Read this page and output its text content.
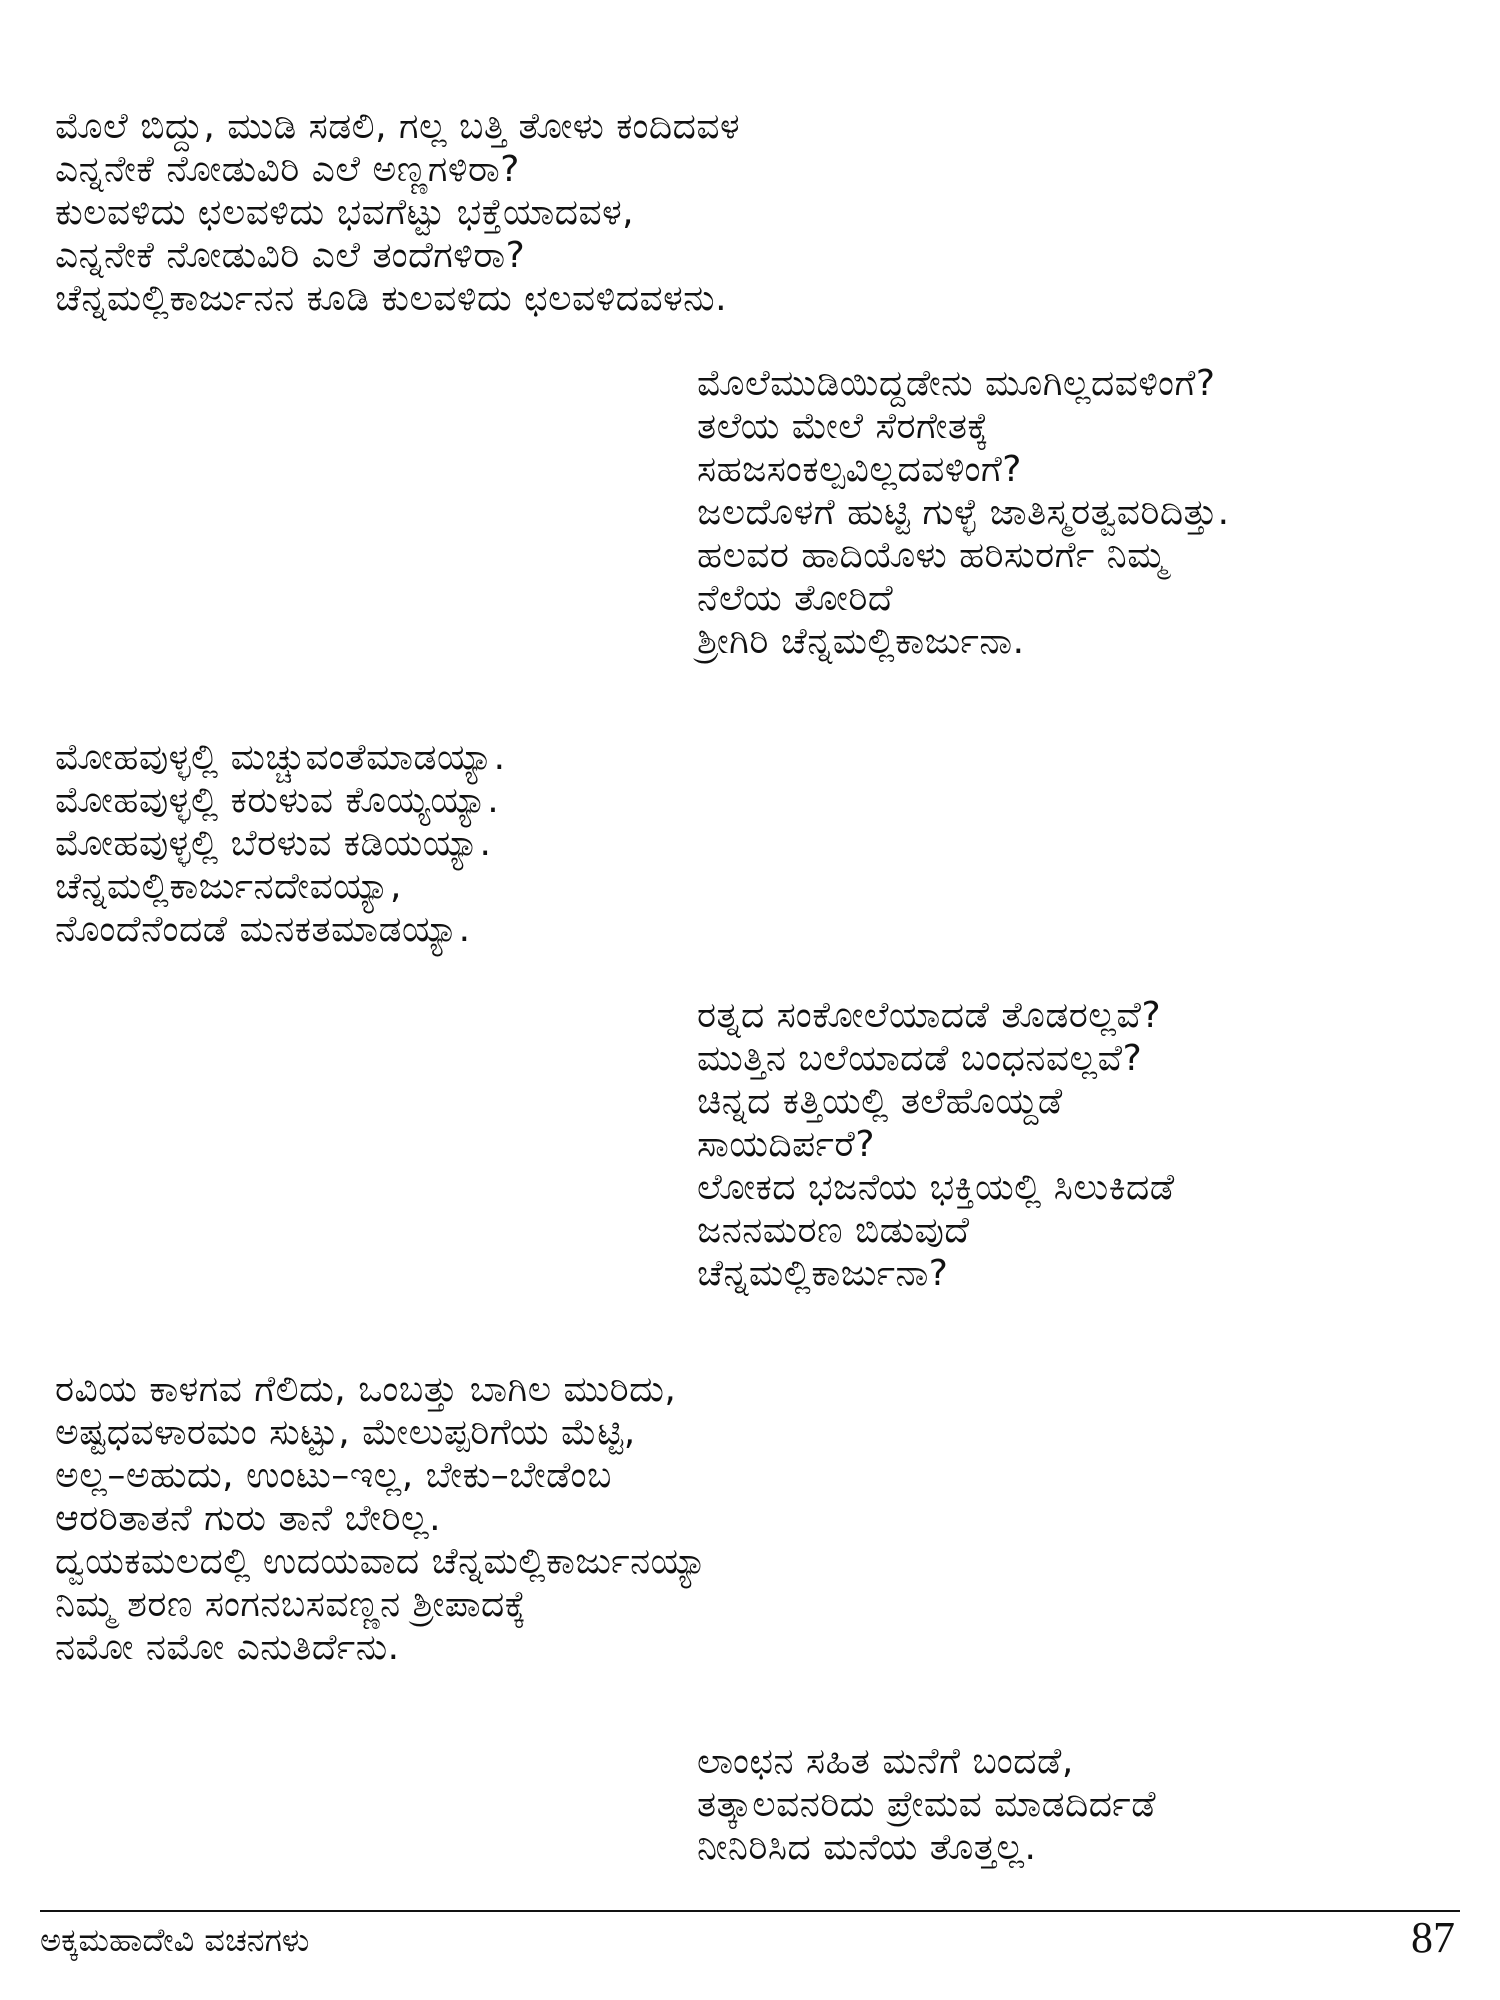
ಮೊಲೆ ಬಿದ್ದು, ಮುಡಿ ಸಡಲಿ, ಗಲ್ಲ ಬತ್ತಿ ತೋಳು ಕಂದಿದವಳ
ಎನ್ನನೇಕೆ ನೋಡುವಿರಿ ಎಲೆ ಅಣ್ಣಗಳಿರಾ?
ಕುಲವಳಿದು ಛಲವಳಿದು ಭವಗೆಟ್ಟು ಭಕ್ತೆಯಾದವಳ,
ಎನ್ನನೇಕೆ ನೋಡುವಿರಿ ಎಲೆ ತಂದೆಗಳಿರಾ?
ಚೆನ್ನಮಲ್ಲಿಕಾರ್ಜುನನ ಕೂಡಿ ಕುಲವಳಿದು ಛಲವಳಿದವಳನು.
ಮೊಲೆಮುಡಿಯಿದ್ದಡೇನು ಮೂಗಿಲ್ಲದವಳಿಂಗೆ?
ತಲೆಯ ಮೇಲೆ ಸೆರಗೇತಕ್ಕೆ
ಸಹಜಸಂಕಲ್ಪವಿಲ್ಲದವಳಿಂಗೆ?
ಜಲದೊಳಗೆ ಹುಟ್ಟಿ ಗುಳ್ಳೆ ಜಾತಿಸ್ಮರತ್ವವರಿದಿತ್ತು.
ಹಲವರ ಹಾದಿಯೊಳು ಹರಿಸುರರ್ಗೆ ನಿಮ್ಮ
ನೆಲೆಯ ತೋರಿದೆ
ಶ್ರೀಗಿರಿ ಚೆನ್ನಮಲ್ಲಿಕಾರ್ಜುನಾ.
ಮೋಹವುಳ್ಳಲ್ಲಿ ಮಚ್ಚುವಂತೆಮಾಡಯ್ಯಾ.
ಮೋಹವುಳ್ಳಲ್ಲಿ ಕರುಳುವ ಕೊಯ್ಯಯ್ಯಾ.
ಮೋಹವುಳ್ಳಲ್ಲಿ ಬೆರಳುವ ಕಡಿಯಯ್ಯಾ.
ಚೆನ್ನಮಲ್ಲಿಕಾರ್ಜುನದೇವಯ್ಯಾ,
ನೊಂದೆನೆಂದಡೆ ಮನಕತಮಾಡಯ್ಯಾ.
ರತ್ನದ ಸಂಕೋಲೆಯಾದಡೆ ತೊಡರಲ್ಲವೆ?
ಮುತ್ತಿನ ಬಲೆಯಾದಡೆ ಬಂಧನವಲ್ಲವೆ?
ಚಿನ್ನದ ಕತ್ತಿಯಲ್ಲಿ ತಲೆಹೊಯ್ದಡೆ
ಸಾಯದಿರ್ಪರೆ?
ಲೋಕದ ಭಜನೆಯ ಭಕ್ತಿಯಲ್ಲಿ ಸಿಲುಕಿದಡೆ
ಜನನಮರಣ ಬಿಡುವುದೆ
ಚೆನ್ನಮಲ್ಲಿಕಾರ್ಜುನಾ?
ರವಿಯ ಕಾಳಗವ ಗೆಲಿದು, ಒಂಬತ್ತು ಬಾಗಿಲ ಮುರಿದು,
ಅಷ್ಟಧವಳಾರಮಂ ಸುಟ್ಟು, ಮೇಲುಪ್ಪರಿಗೆಯ ಮೆಟ್ಟಿ,
ಅಲ್ಲ–ಅಹುದು, ಉಂಟು–ಇಲ್ಲ, ಬೇಕು–ಬೇಡೆಂಬ
ಆರರಿತಾತನೆ ಗುರು ತಾನೆ ಬೇರಿಲ್ಲ.
ದ್ವಯಕಮಲದಲ್ಲಿ ಉದಯವಾದ ಚೆನ್ನಮಲ್ಲಿಕಾರ್ಜುನಯ್ಯಾ
ನಿಮ್ಮ ಶರಣ ಸಂಗನಬಸವಣ್ಣನ ಶ್ರೀಪಾದಕ್ಕೆ
ನಮೋ ನಮೋ ಎನುತಿರ್ದೆನು.
ಲಾಂಛನ ಸಹಿತ ಮನೆಗೆ ಬಂದಡೆ,
ತತ್ಕಾಲವನರಿದು ಪ್ರೇಮವ ಮಾಡದಿರ್ದಡೆ
ನೀನಿರಿಸಿದ ಮನೆಯ ತೊತ್ತಲ್ಲ.
ಅಕ್ಕಮಹಾದೇವಿ ವಚನಗಳು	87
